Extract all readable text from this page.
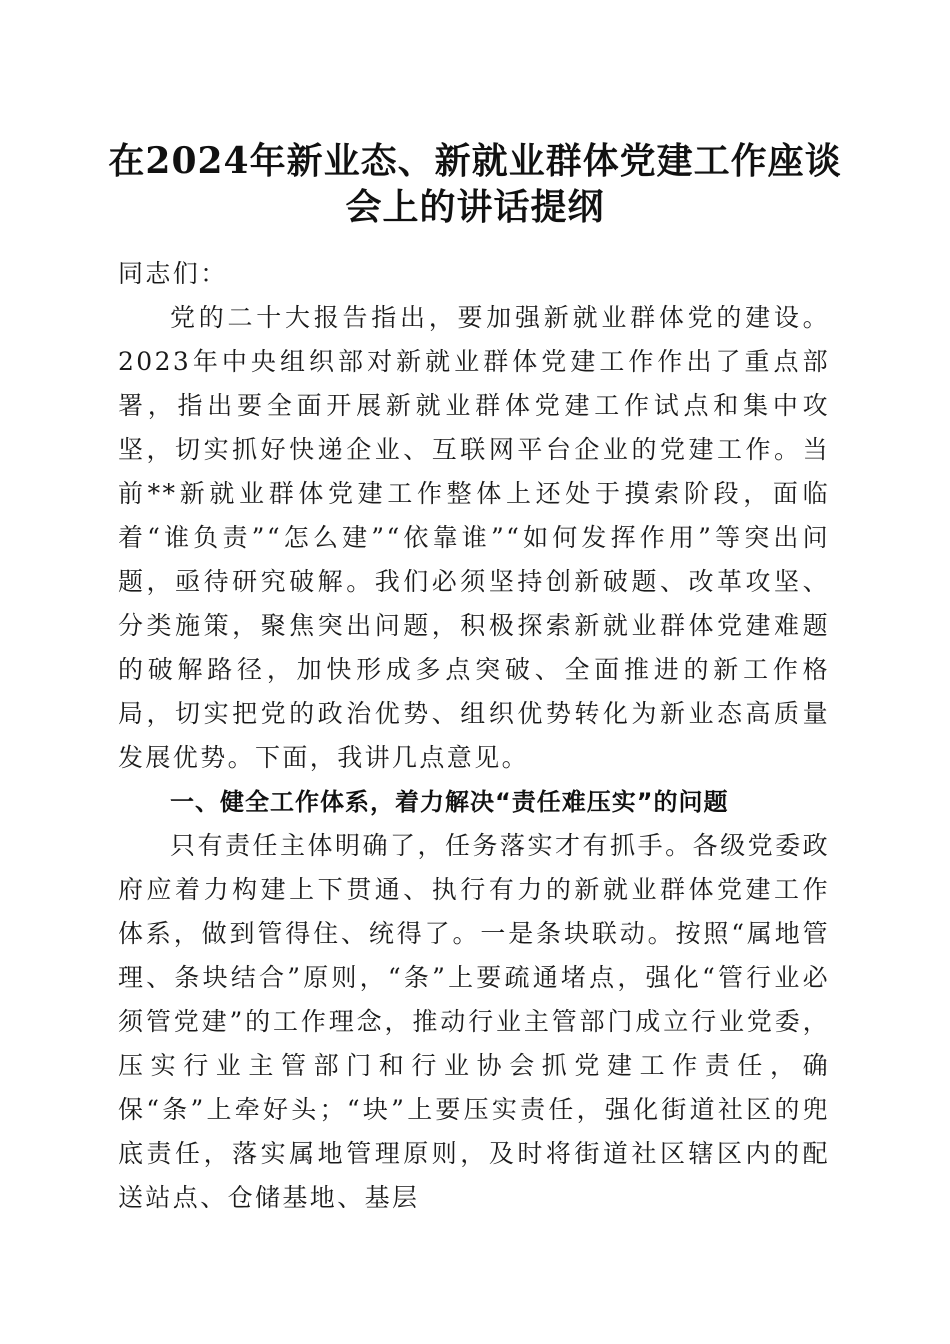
在2024年新业态、新就业群体党建工作座谈
会上的讲话提纲

同志们：

党的二十大报告指出，要加强新就业群体党的建设。2023年中央组织部对新就业群体党建工作作出了重点部署，指出要全面开展新就业群体党建工作试点和集中攻坚，切实抓好快递企业、互联网平台企业的党建工作。当前**新就业群体党建工作整体上还处于摸索阶段，面临着“谁负责”“怎么建”“依靠谁”“如何发挥作用”等突出问题，亟待研究破解。我们必须坚持创新破题、改革攻坚、分类施策，聚焦突出问题，积极探索新就业群体党建难题的破解路径，加快形成多点突破、全面推进的新工作格局，切实把党的政治优势、组织优势转化为新业态高质量发展优势。下面，我讲几点意见。

一、健全工作体系，着力解决“责任难压实”的问题

只有责任主体明确了，任务落实才有抓手。各级党委政府应着力构建上下贯通、执行有力的新就业群体党建工作体系，做到管得住、统得了。一是条块联动。按照“属地管理、条块结合”原则，“条”上要疏通堵点，强化“管行业必须管党建”的工作理念，推动行业主管部门成立行业党委，压实行业主管部门和行业协会抓党建工作责任，确保“条”上牵好头；“块”上要压实责任，强化街道社区的兜底责任，落实属地管理原则，及时将街道社区辖区内的配送站点、仓储基地、基层
